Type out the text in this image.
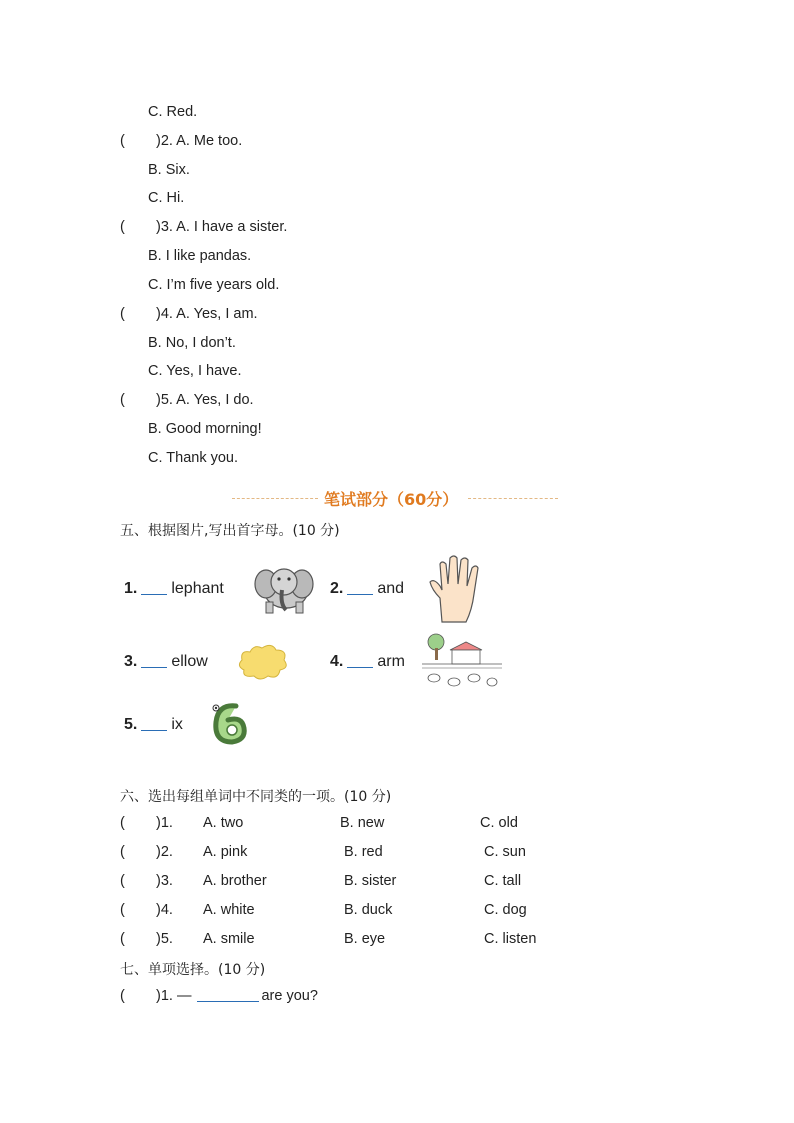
C. Red.
( )2. A. Me too.
B. Six.
C. Hi.
( )3. A. I have a sister.
B. I like pandas.
C. I’m five years old.
( )4. A. Yes, I am.
B. No, I don’t.
C. Yes, I have.
( )5. A. Yes, I do.
B. Good morning!
C. Thank you.
笔试部分（60分）
五、根据图片,写出首字母。(10 分)
1. lephant	2. and
3. ellow	4. arm
5. ix
六、选出每组单词中不同类的一项。(10 分)
( )1. A. two	B. new	C. old
( )2. A. pink	B. red	C. sun
( )3. A. brother	B. sister	C. tall
( )4. A. white	B. duck	C. dog
( )5. A. smile	B. eye	C. listen
七、单项选择。(10 分)
( )1. —	are you?
